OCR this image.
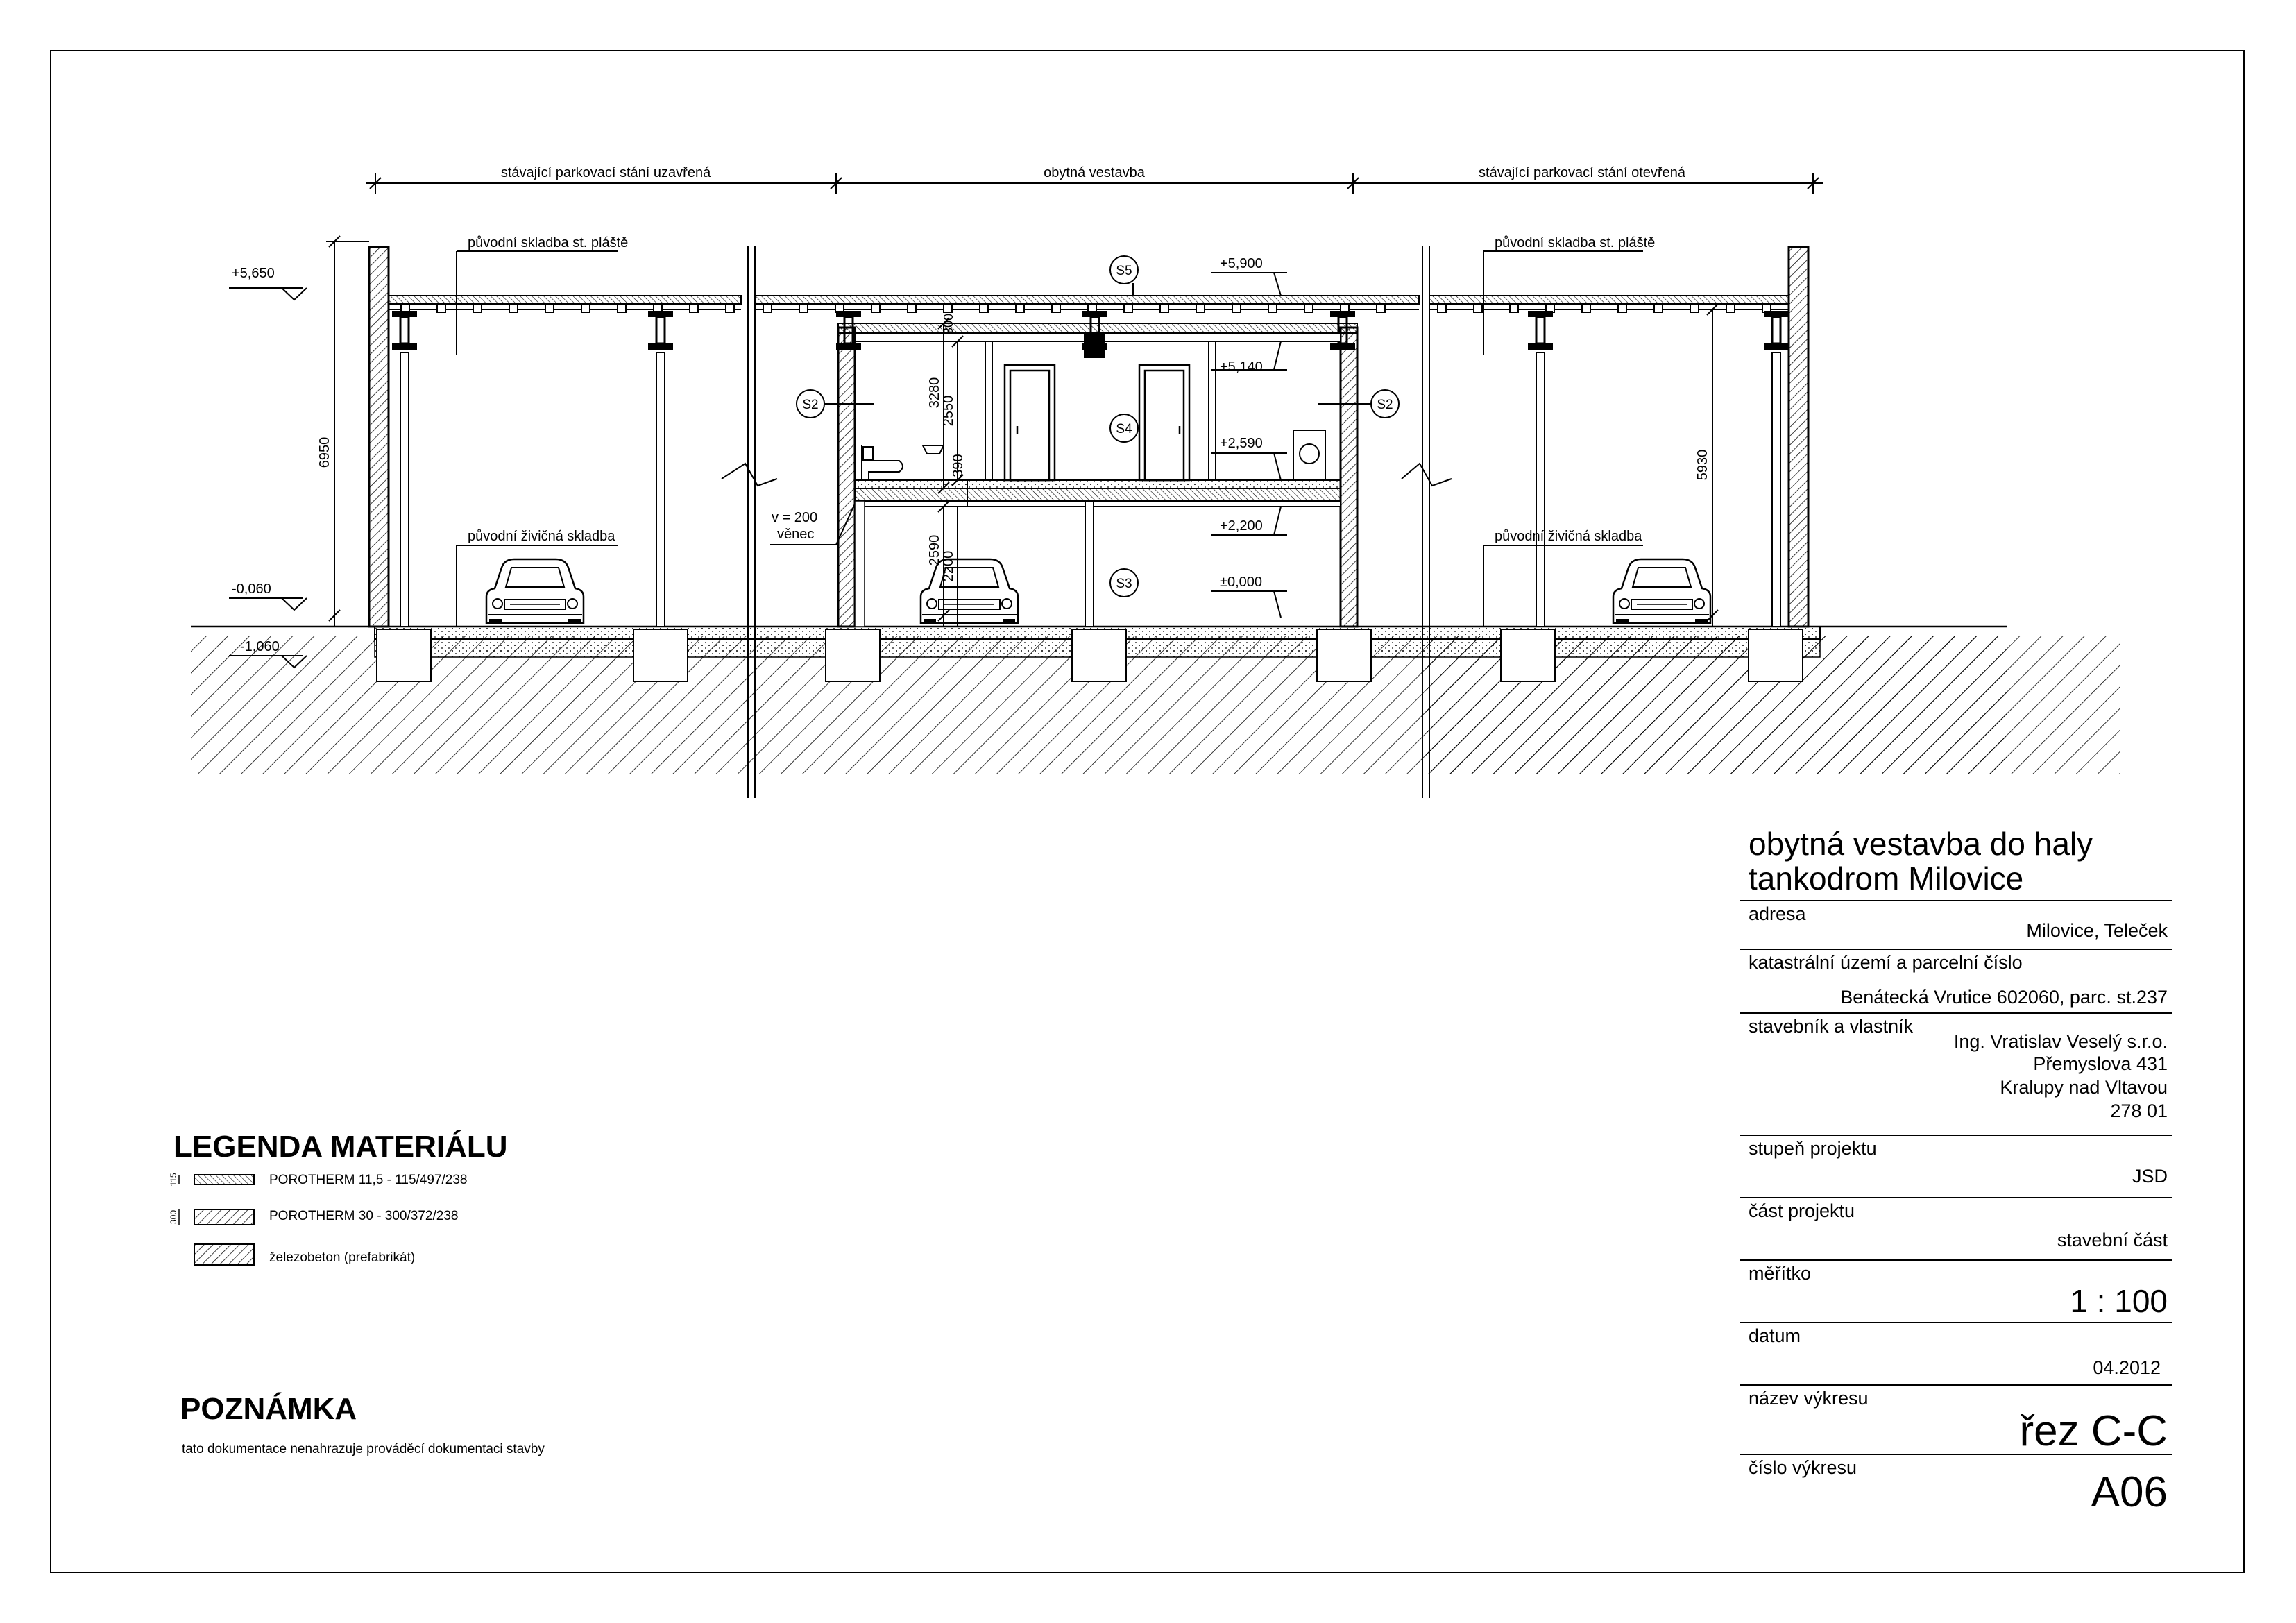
stávající parkovací stání uzavřená	obytná vestavba	stávající parkovací stání otevřená
původní skladba st. pláště	původní skladba st. pláště
původní živičná skladba	původní živičná skladba
v = 200
věnec
+5,650
-0,060
-1,060
+5,900
+5,140
+2,590
+2,200
±0,000
6950	5930
3280
2550
390
300
2590
2200
S5
S2	S2
S4
S3
115
300
LEGENDA MATERIÁLU
POROTHERM 11,5 - 115/497/238
POROTHERM 30 - 300/372/238
železobeton (prefabrikát)
POZNÁMKA
tato dokumentace nenahrazuje prováděcí dokumentaci stavby
obytná vestavba do haly
tankodrom Milovice
adresa
Milovice, Teleček
katastrální území a parcelní číslo
Benátecká Vrutice 602060, parc. st.237
stavebník a vlastník
Ing. Vratislav Veselý s.r.o.
Přemyslova 431
Kralupy nad Vltavou
278 01
stupeň projektu
JSD
část projektu
stavební část
měřítko
1 : 100
datum
04.2012
název výkresu
řez C-C
číslo výkresu
A06
